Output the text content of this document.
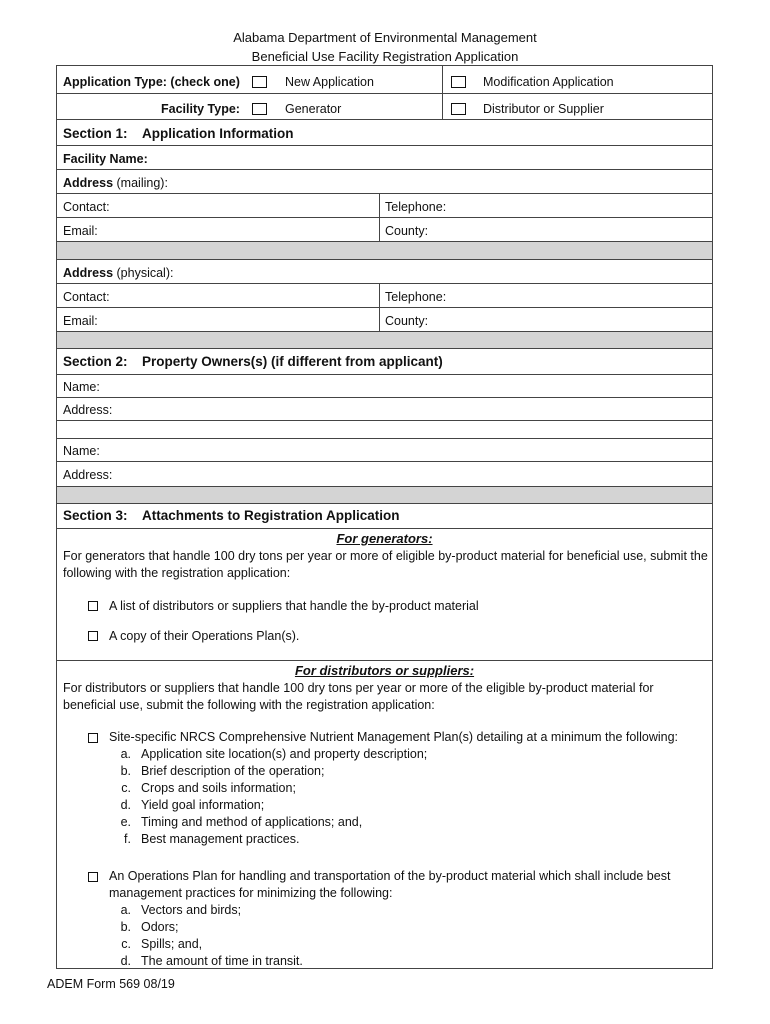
Alabama Department of Environmental Management
Beneficial Use Facility Registration Application
Application Type: (check one)	New Application	Modification Application
Facility Type:	Generator	Distributor or Supplier
Section 1: Application Information
Facility Name:
Address (mailing):
Contact:	Telephone:
Email:	County:
Address (physical):
Contact:	Telephone:
Email:	County:
Section 2: Property Owners(s) (if different from applicant)
Name:
Address:
Name:
Address:
Section 3: Attachments to Registration Application
For generators:
For generators that handle 100 dry tons per year or more of eligible by-product material for beneficial use, submit the following with the registration application:
A list of distributors or suppliers that handle the by-product material
A copy of their Operations Plan(s).
For distributors or suppliers:
For distributors or suppliers that handle 100 dry tons per year or more of the eligible by-product material for beneficial use, submit the following with the registration application:
Site-specific NRCS Comprehensive Nutrient Management Plan(s) detailing at a minimum the following:
a. Application site location(s) and property description;
b. Brief description of the operation;
c. Crops and soils information;
d. Yield goal information;
e. Timing and method of applications; and,
f. Best management practices.
An Operations Plan for handling and transportation of the by-product material which shall include best
management practices for minimizing the following:
a. Vectors and birds;
b. Odors;
c. Spills; and,
d. The amount of time in transit.
ADEM Form 569 08/19
